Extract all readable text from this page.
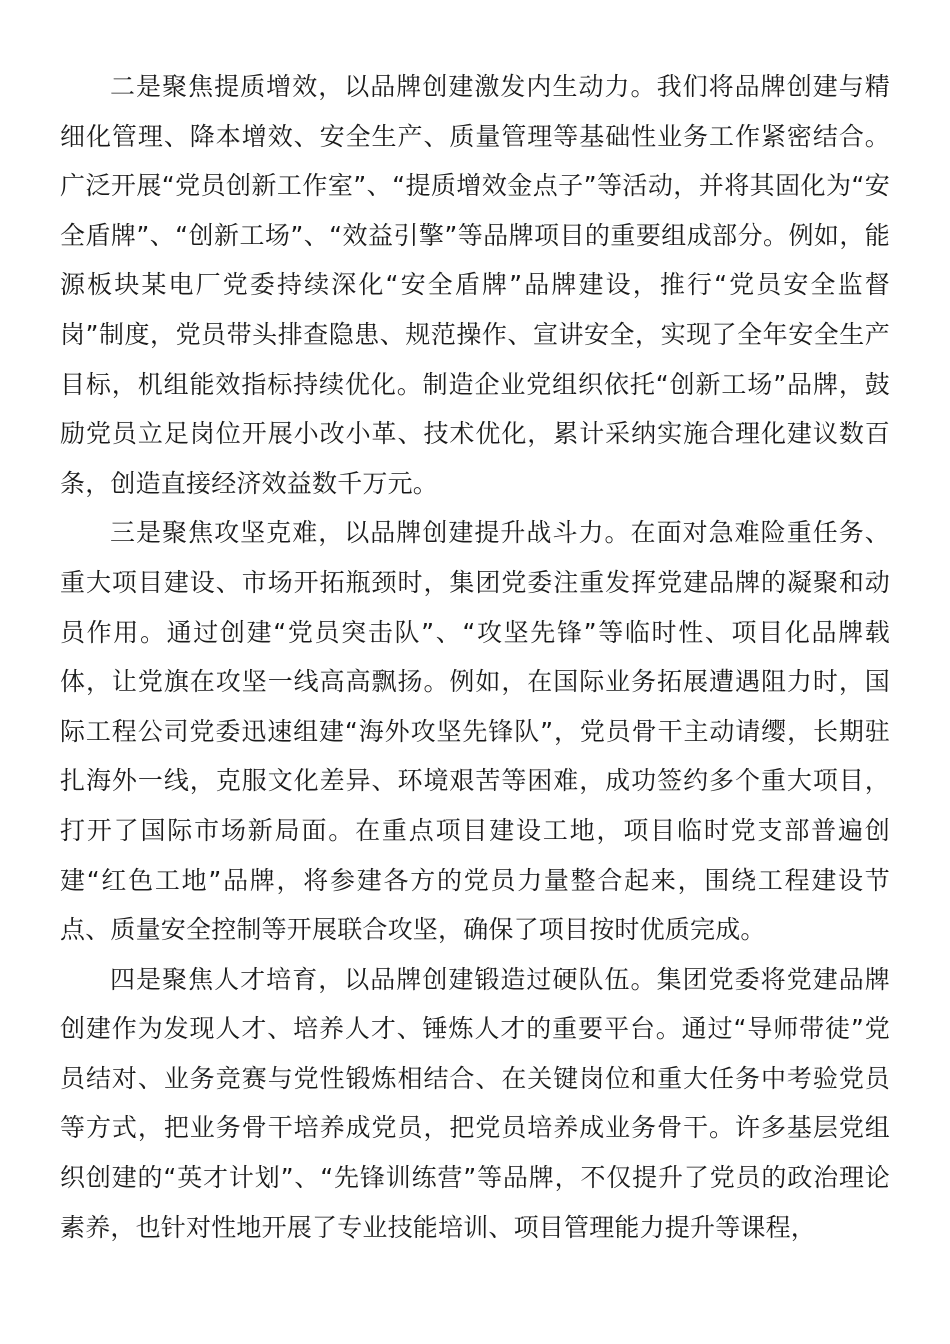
二是聚焦提质增效，以品牌创建激发内生动力。我们将品牌创建与精细化管理、降本增效、安全生产、质量管理等基础性业务工作紧密结合。广泛开展“党员创新工作室”、“提质增效金点子”等活动，并将其固化为“安全盾牌”、“创新工场”、“效益引擎”等品牌项目的重要组成部分。例如，能源板块某电厂党委持续深化“安全盾牌”品牌建设，推行“党员安全监督岗”制度，党员带头排查隐患、规范操作、宣讲安全，实现了全年安全生产目标，机组能效指标持续优化。制造企业党组织依托“创新工场”品牌，鼓励党员立足岗位开展小改小革、技术优化，累计采纳实施合理化建议数百条，创造直接经济效益数千万元。

三是聚焦攻坚克难，以品牌创建提升战斗力。在面对急难险重任务、重大项目建设、市场开拓瓶颈时，集团党委注重发挥党建品牌的凝聚和动员作用。通过创建“党员突击队”、“攻坚先锋”等临时性、项目化品牌载体，让党旗在攻坚一线高高飘扬。例如，在国际业务拓展遭遇阻力时，国际工程公司党委迅速组建“海外攻坚先锋队”，党员骨干主动请缨，长期驻扎海外一线，克服文化差异、环境艰苦等困难，成功签约多个重大项目，打开了国际市场新局面。在重点项目建设工地，项目临时党支部普遍创建“红色工地”品牌，将参建各方的党员力量整合起来，围绕工程建设节点、质量安全控制等开展联合攻坚，确保了项目按时优质完成。

四是聚焦人才培育，以品牌创建锻造过硬队伍。集团党委将党建品牌创建作为发现人才、培养人才、锤炼人才的重要平台。通过“导师带徒”党员结对、业务竞赛与党性锻炼相结合、在关键岗位和重大任务中考验党员等方式，把业务骨干培养成党员，把党员培养成业务骨干。许多基层党组织创建的“英才计划”、“先锋训练营”等品牌，不仅提升了党员的政治理论素养，也针对性地开展了专业技能培训、项目管理能力提升等课程，
